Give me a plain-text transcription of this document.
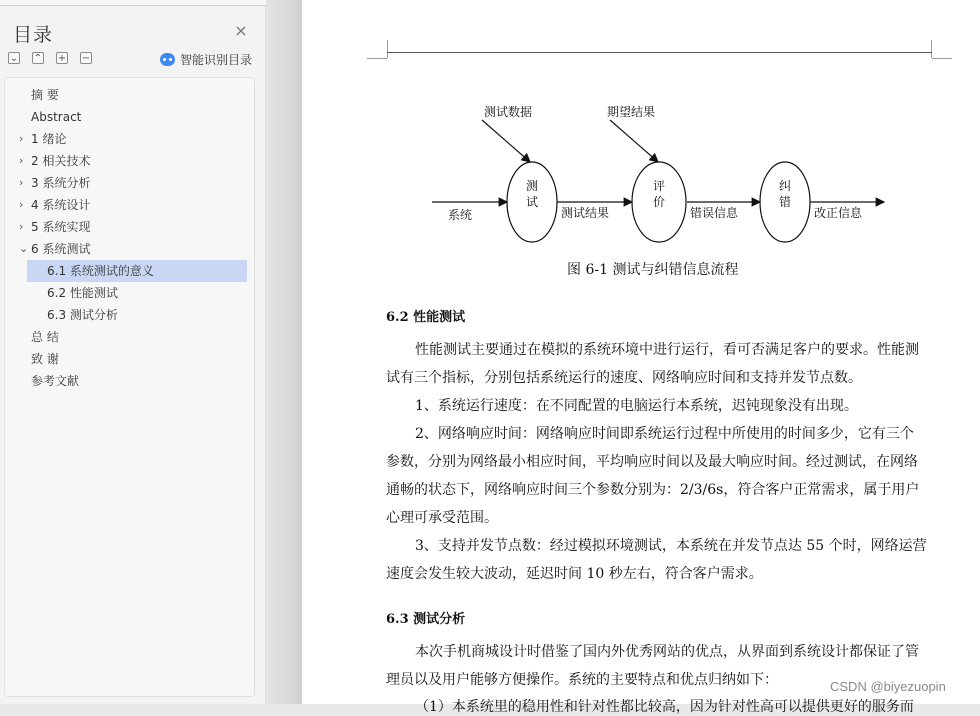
目录	×
⌄ ⌃ + −	智能识别目录
摘 要
Abstract
› 1 绪论
› 2 相关技术
› 3 系统分析
› 4 系统设计
› 5 系统实现
⌄ 6 系统测试
6.1 系统测试的意义
6.2 性能测试
6.3 测试分析
总 结
致 谢
参考文献
测试数据	期望结果
系统	测试结果	错误信息	改正信息
测
试
评
价
纠
错
图 6-1 测试与纠错信息流程
6.2 性能测试
性能测试主要通过在模拟的系统环境中进行运行，看可否满足客户的要求。性能测
试有三个指标，分别包括系统运行的速度、网络响应时间和支持并发节点数。
1、系统运行速度：在不同配置的电脑运行本系统，迟钝现象没有出现。
2、网络响应时间：网络响应时间即系统运行过程中所使用的时间多少，它有三个
参数，分别为网络最小相应时间，平均响应时间以及最大响应时间。经过测试，在网络
通畅的状态下，网络响应时间三个参数分别为：2/3/6s，符合客户正常需求，属于用户
心理可承受范围。
3、支持并发节点数：经过模拟环境测试，本系统在并发节点达 55 个时，网络运营
速度会发生较大波动，延迟时间 10 秒左右，符合客户需求。
6.3 测试分析
本次手机商城设计时借鉴了国内外优秀网站的优点，从界面到系统设计都保证了管
理员以及用户能够方便操作。系统的主要特点和优点归纳如下：
（1）本系统里的稳用性和针对性都比较高，因为针对性高可以提供更好的服务而
CSDN @biyezuopin
